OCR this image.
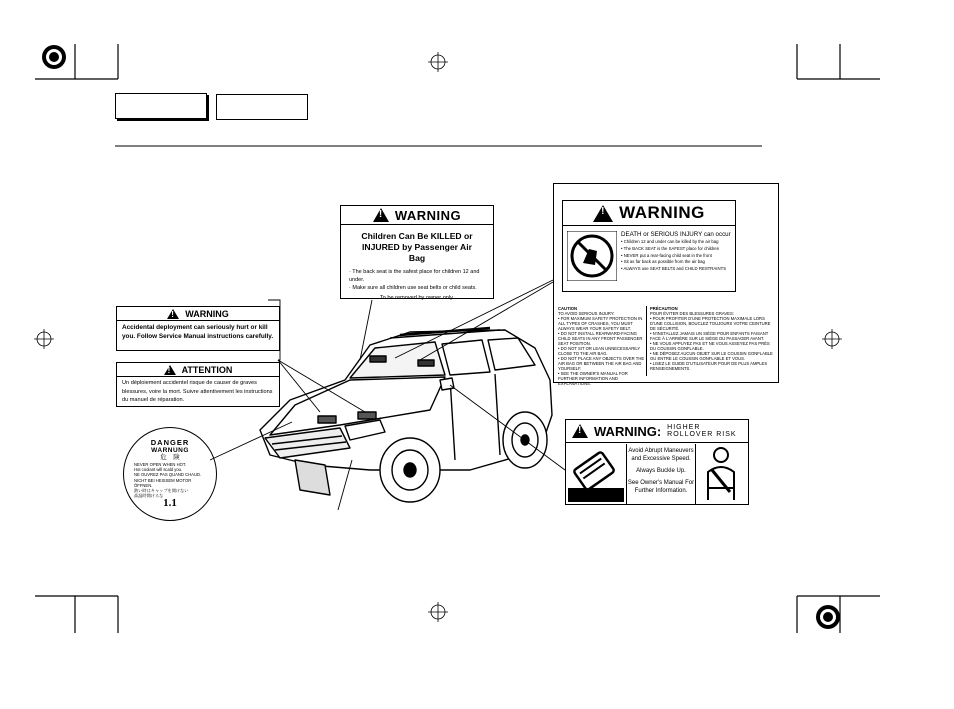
!
WARNING
Children Can Be KILLED or INJURED by Passenger Air Bag
· The back seat is the safest place for children 12 and under.
· Make sure all children use seat belts or child seats.
To be removed by owner only.
!
WARNING
Accidental deployment can seriously hurt or kill you. Follow Service Manual instructions carefully.
!
ATTENTION
Un déploiement accidentel risque de causer de graves blessures, voire la mort. Suivre attentivement les instructions du manuel de réparation.
DANGER
WARNUNG
危　険
NEVER OPEN WHEN HOT.
Hot coolant will scald you.
NE OUVREZ PAS QUAND CHAUD.
NICHT BEI HEISSEM MOTOR ÖFFNEN.
熱い時はキャップを開けない
高温時開けるな
1.1
!
WARNING
DEATH or SERIOUS INJURY can occur
• Children 12 and under can be killed by the air bag
• The BACK SEAT is the SAFEST place for children
• NEVER put a rear-facing child seat in the front
• Sit as far back as possible from the air bag
• ALWAYS use SEAT BELTS and CHILD RESTRAINTS
CAUTION
TO AVOID SERIOUS INJURY:
• FOR MAXIMUM SAFETY PROTECTION IN ALL TYPES OF CRASHES, YOU MUST ALWAYS WEAR YOUR SAFETY BELT.
• DO NOT INSTALL REARWARD-FACING CHILD SEATS IN ANY FRONT PASSENGER SEAT POSITION.
• DO NOT SIT OR LEAN UNNECESSARILY CLOSE TO THE AIR BAG.
• DO NOT PLACE ANY OBJECTS OVER THE AIR BAG OR BETWEEN THE AIR BAG AND YOURSELF.
• SEE THE OWNER'S MANUAL FOR FURTHER INFORMATION AND EXPLANATIONS.
PRÉCAUTION
POUR ÉVITER DES BLESSURES GRAVES:
• POUR PROFITER D'UNE PROTECTION MAXIMALE LORS D'UNE COLLISION, BOUCLEZ TOUJOURS VOTRE CEINTURE DE SÉCURITÉ.
• N'INSTALLEZ JAMAIS UN SIÈGE POUR ENFANTS FAISANT FACE À L'ARRIÈRE SUR LE SIÈGE DU PASSAGER AVANT.
• NE VOUS APPUYEZ PAS ET NE VOUS ASSEYEZ PAS PRÈS DU COUSSIN GONFLABLE.
• NE DÉPOSEZ AUCUN OBJET SUR LE COUSSIN GONFLABLE OU ENTRE LE COUSSIN GONFLABLE ET VOUS.
• LISEZ LE GUIDE D'UTILISATEUR POUR DE PLUS AMPLES RENSEIGNEMENTS.
!
WARNING: HIGHER ROLLOVER RISK
Avoid Abrupt Maneuvers and Excessive Speed.
Always Buckle Up.
See Owner's Manual For Further Information.
